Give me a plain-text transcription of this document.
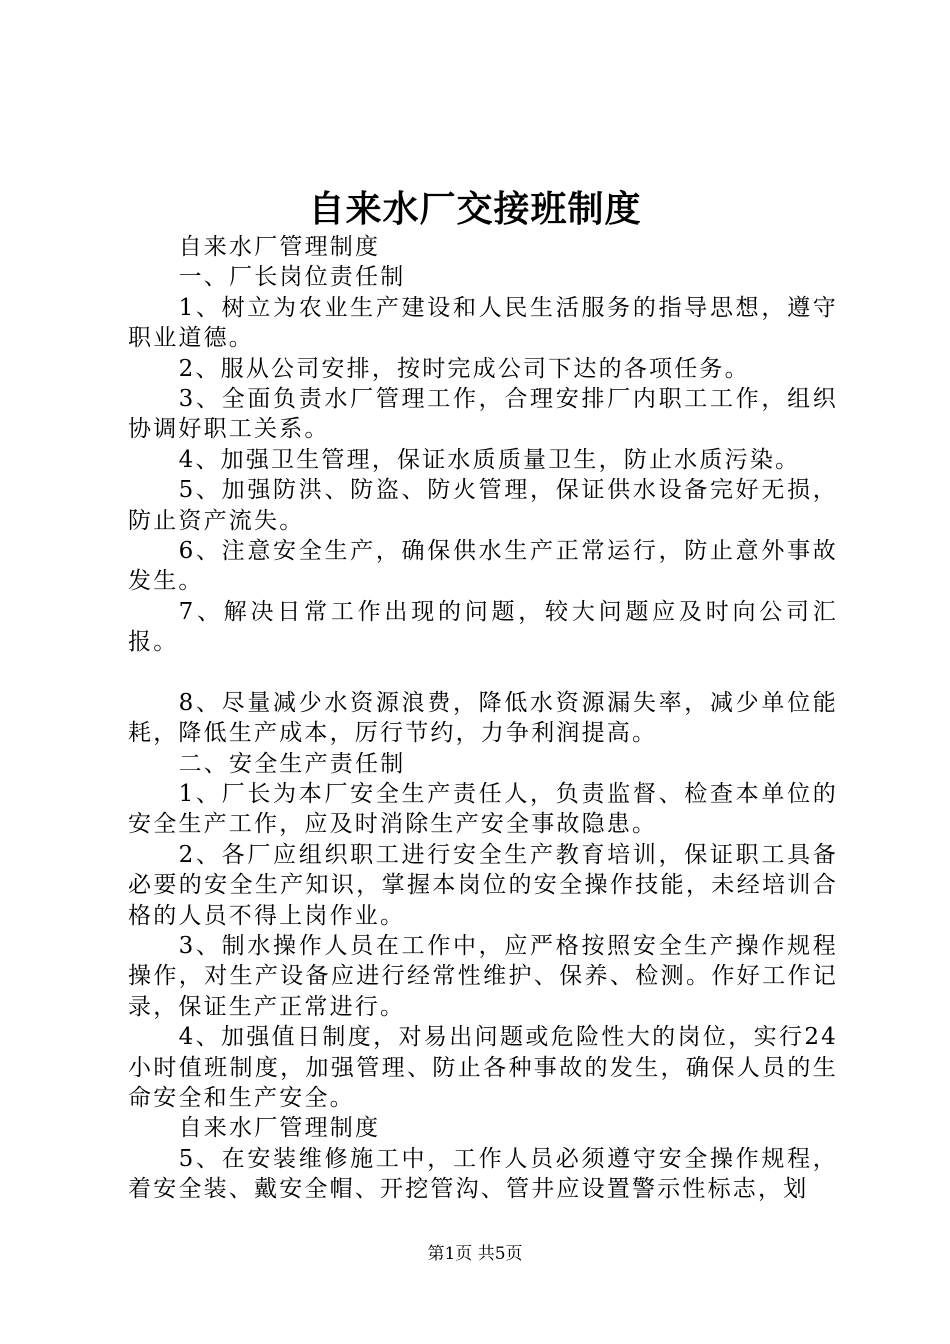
自来水厂交接班制度

自来水厂管理制度

一、厂长岗位责任制

1、树立为农业生产建设和人民生活服务的指导思想，遵守职业道德。

2、服从公司安排，按时完成公司下达的各项任务。

3、全面负责水厂管理工作，合理安排厂内职工工作，组织协调好职工关系。

4、加强卫生管理，保证水质质量卫生，防止水质污染。

5、加强防洪、防盗、防火管理，保证供水设备完好无损，防止资产流失。

6、注意安全生产，确保供水生产正常运行，防止意外事故发生。

7、解决日常工作出现的问题，较大问题应及时向公司汇报。

8、尽量减少水资源浪费，降低水资源漏失率，减少单位能耗，降低生产成本，厉行节约，力争利润提高。

二、安全生产责任制

1、厂长为本厂安全生产责任人，负责监督、检查本单位的安全生产工作，应及时消除生产安全事故隐患。

2、各厂应组织职工进行安全生产教育培训，保证职工具备必要的安全生产知识，掌握本岗位的安全操作技能，未经培训合格的人员不得上岗作业。

3、制水操作人员在工作中，应严格按照安全生产操作规程操作，对生产设备应进行经常性维护、保养、检测。作好工作记录，保证生产正常进行。

4、加强值日制度，对易出问题或危险性大的岗位，实行24小时值班制度，加强管理、防止各种事故的发生，确保人员的生命安全和生产安全。

自来水厂管理制度

5、在安装维修施工中，工作人员必须遵守安全操作规程，着安全装、戴安全帽、开挖管沟、管井应设置警示性标志，划

第1页 共5页
